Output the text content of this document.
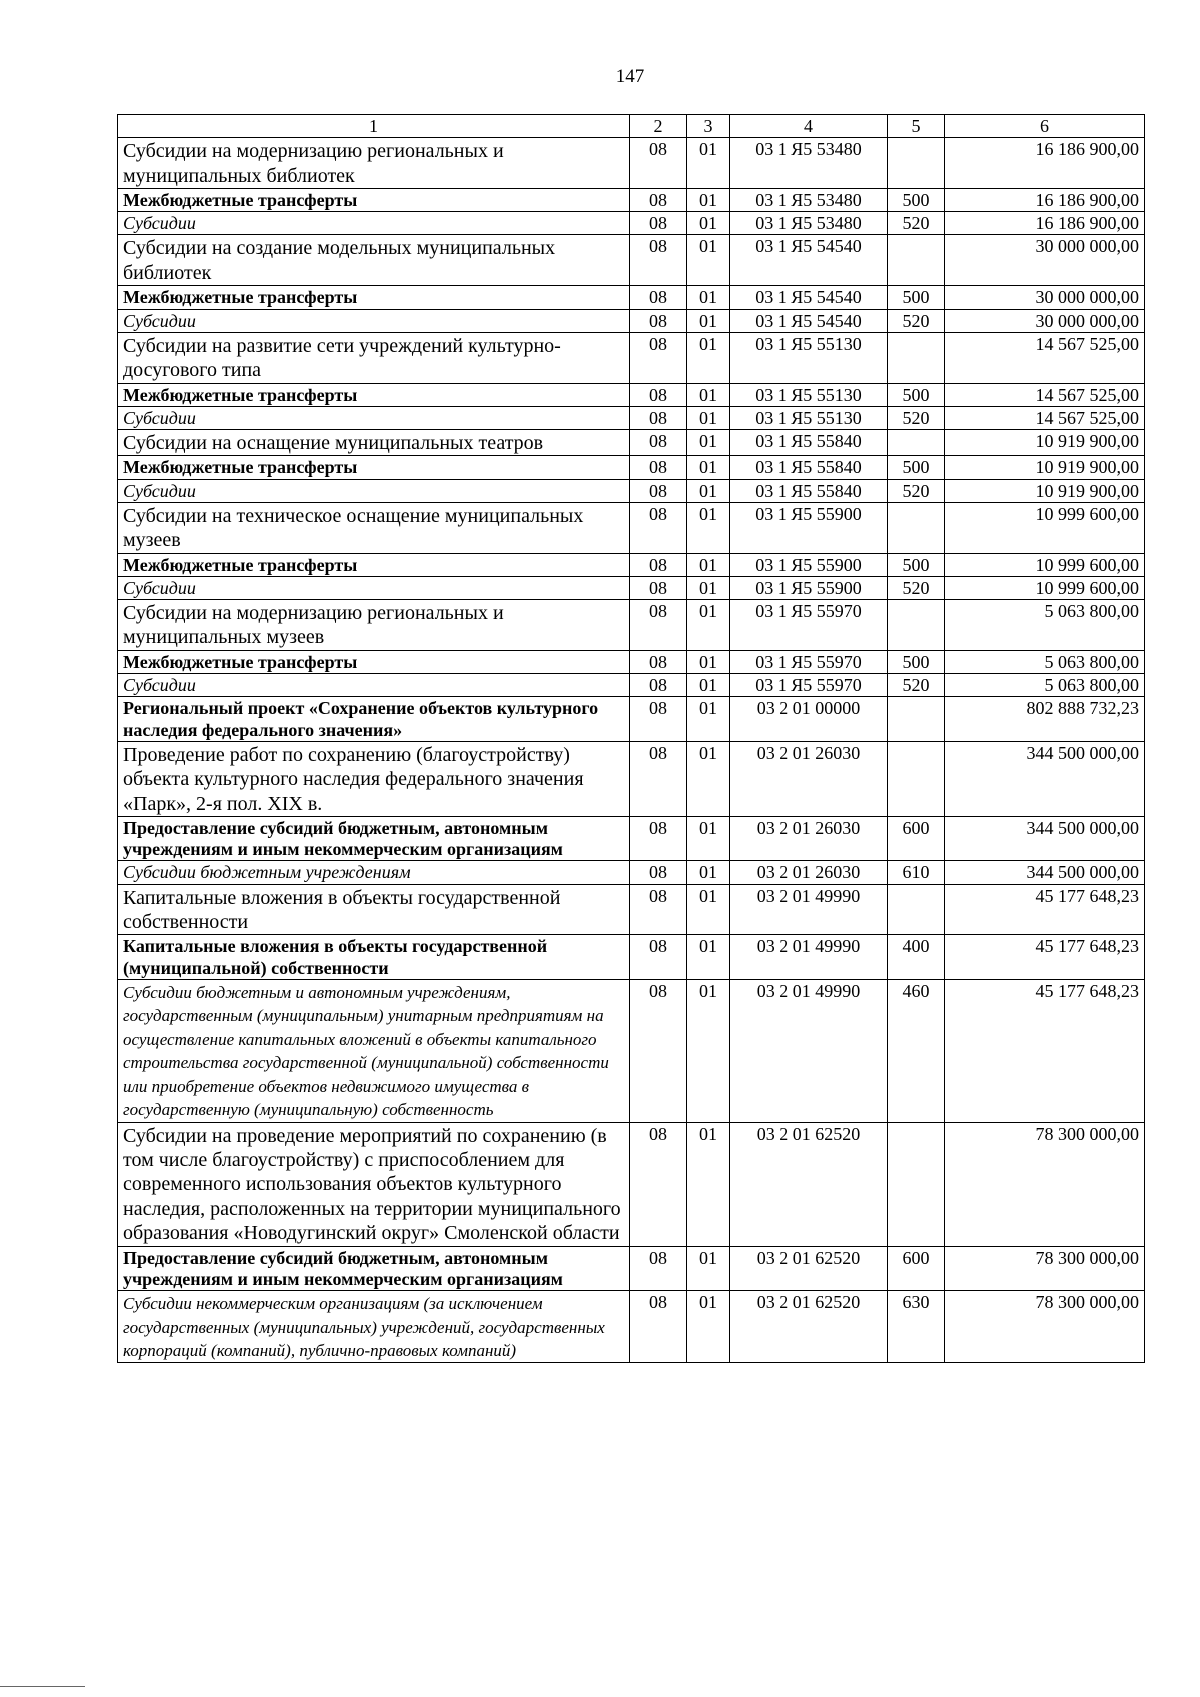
147
1	2	3	4	5	6
Субсидии на модернизацию региональных и муниципальных библиотек	08	01	03 1 Я5 53480		16 186 900,00
Межбюджетные трансферты	08	01	03 1 Я5 53480	500	16 186 900,00
Субсидии	08	01	03 1 Я5 53480	520	16 186 900,00
Субсидии на создание модельных муниципальных библиотек	08	01	03 1 Я5 54540		30 000 000,00
Межбюджетные трансферты	08	01	03 1 Я5 54540	500	30 000 000,00
Субсидии	08	01	03 1 Я5 54540	520	30 000 000,00
Субсидии на развитие сети учреждений культурно-досугового типа	08	01	03 1 Я5 55130		14 567 525,00
Межбюджетные трансферты	08	01	03 1 Я5 55130	500	14 567 525,00
Субсидии	08	01	03 1 Я5 55130	520	14 567 525,00
Субсидии на оснащение муниципальных театров	08	01	03 1 Я5 55840		10 919 900,00
Межбюджетные трансферты	08	01	03 1 Я5 55840	500	10 919 900,00
Субсидии	08	01	03 1 Я5 55840	520	10 919 900,00
Субсидии на техническое оснащение муниципальных музеев	08	01	03 1 Я5 55900		10 999 600,00
Межбюджетные трансферты	08	01	03 1 Я5 55900	500	10 999 600,00
Субсидии	08	01	03 1 Я5 55900	520	10 999 600,00
Субсидии на модернизацию региональных и муниципальных музеев	08	01	03 1 Я5 55970		5 063 800,00
Межбюджетные трансферты	08	01	03 1 Я5 55970	500	5 063 800,00
Субсидии	08	01	03 1 Я5 55970	520	5 063 800,00
Региональный проект «Сохранение объектов культурного наследия федерального значения»	08	01	03 2 01 00000		802 888 732,23
Проведение работ по сохранению (благоустройству) объекта культурного наследия федерального значения «Парк», 2-я пол. XIX в.	08	01	03 2 01 26030		344 500 000,00
Предоставление субсидий бюджетным, автономным учреждениям и иным некоммерческим организациям	08	01	03 2 01 26030	600	344 500 000,00
Субсидии бюджетным учреждениям	08	01	03 2 01 26030	610	344 500 000,00
Капитальные вложения в объекты государственной собственности	08	01	03 2 01 49990		45 177 648,23
Капитальные вложения в объекты государственной (муниципальной) собственности	08	01	03 2 01 49990	400	45 177 648,23
Субсидии бюджетным и автономным учреждениям, государственным (муниципальным) унитарным предприятиям на осуществление капитальных вложений в объекты капитального строительства государственной (муниципальной) собственности или приобретение объектов недвижимого имущества в государственную (муниципальную) собственность	08	01	03 2 01 49990	460	45 177 648,23
Субсидии на проведение мероприятий по сохранению (в том числе благоустройству) с приспособлением для современного использования объектов культурного наследия, расположенных на территории муниципального образования «Новодугинский округ» Смоленской области	08	01	03 2 01 62520		78 300 000,00
Предоставление субсидий бюджетным, автономным учреждениям и иным некоммерческим организациям	08	01	03 2 01 62520	600	78 300 000,00
Субсидии некоммерческим организациям (за исключением государственных (муниципальных) учреждений, государственных корпораций (компаний), публично-правовых компаний)	08	01	03 2 01 62520	630	78 300 000,00
